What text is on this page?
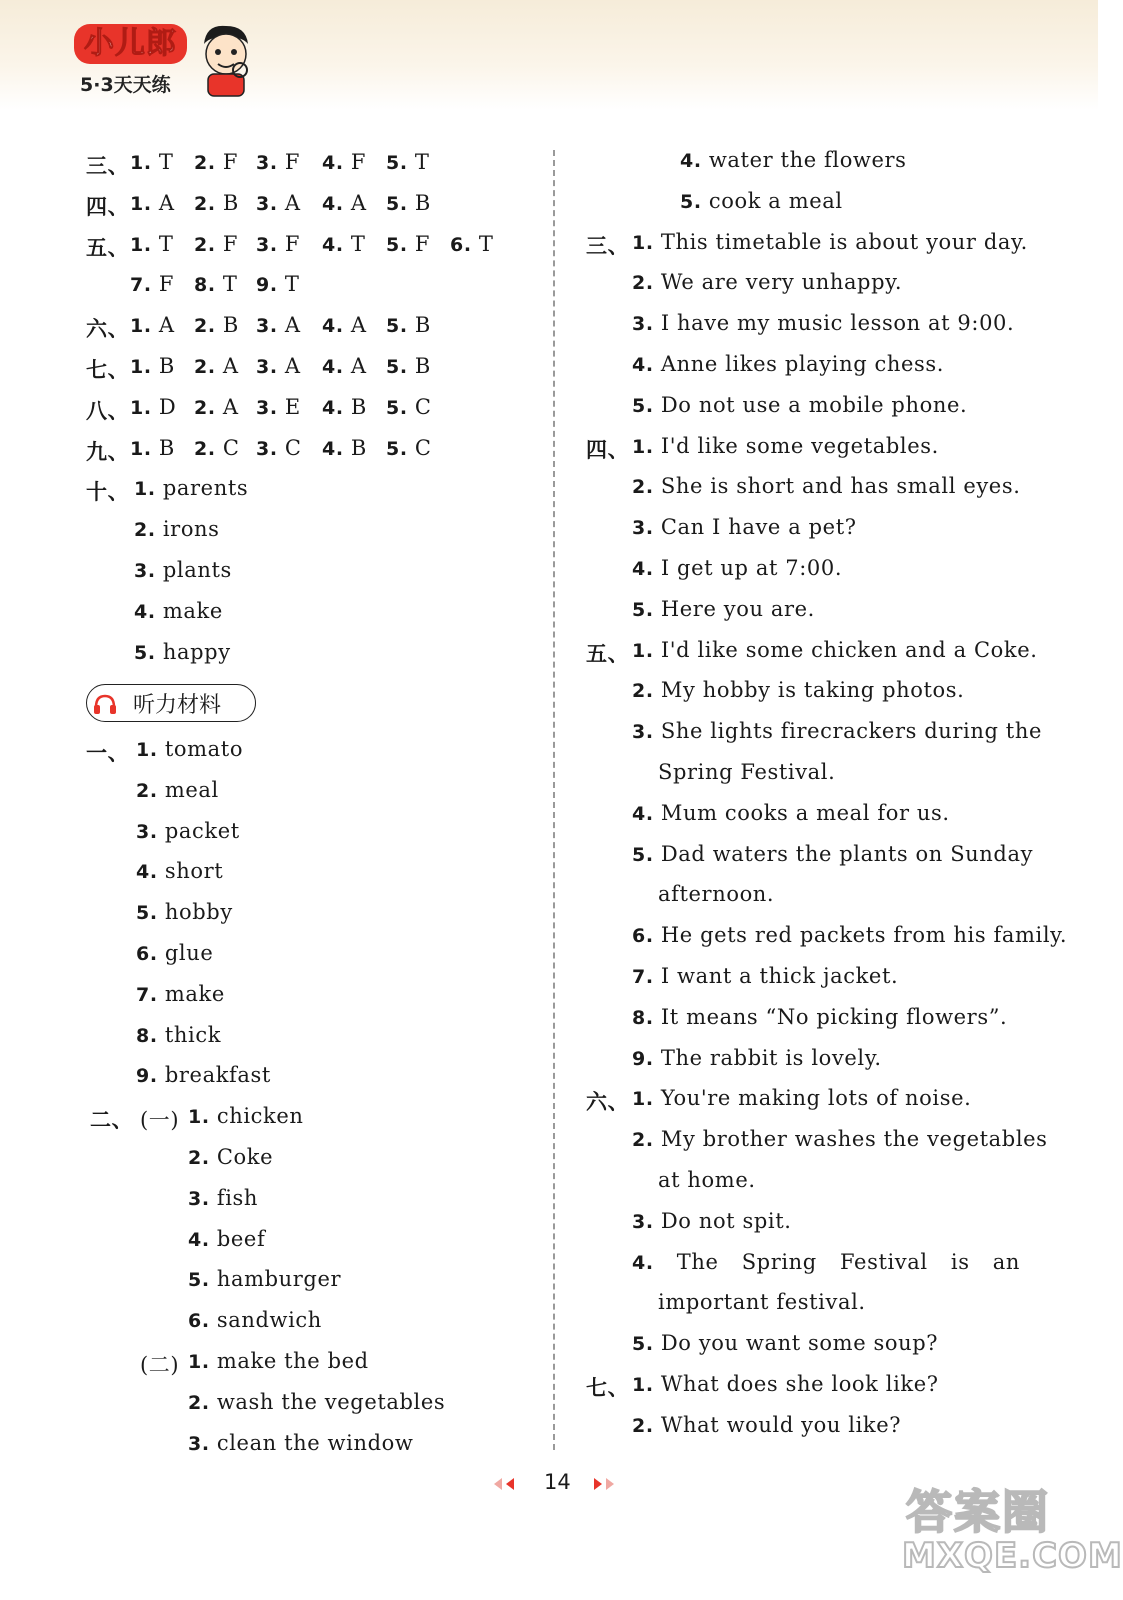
小儿郎
5·3天天练
听力材料
14
答案圈
MXQE.COM
三、 1. T 2. F 3. F 4. F 5. T
四、 1. A 2. B 3. A 4. A 5. B
五、 1. T 2. F 3. F 4. T 5. F 6. T
7. F 8. T 9. T
六、 1. A 2. B 3. A 4. A 5. B
七、 1. B 2. A 3. A 4. A 5. B
八、 1. D 2. A 3. E 4. B 5. C
九、 1. B 2. C 3. C 4. B 5. C
十、 1. parents
2. irons
3. plants
4. make
5. happy
一、 1. tomato
2. meal
3. packet
4. short
5. hobby
6. glue
7. make
8. thick
9. breakfast
二、 (一) 1. chicken
2. Coke
3. fish
4. beef
5. hamburger
6. sandwich
(二) 1. make the bed
2. wash the vegetables
3. clean the window
4. water the flowers
5. cook a meal
三、 1. This timetable is about your day.
2. We are very unhappy.
3. I have my music lesson at 9:00.
4. Anne likes playing chess.
5. Do not use a mobile phone.
四、 1. I'd like some vegetables.
2. She is short and has small eyes.
3. Can I have a pet?
4. I get up at 7:00.
5. Here you are.
五、 1. I'd like some chicken and a Coke.
2. My hobby is taking photos.
3. She lights firecrackers during the
Spring Festival.
4. Mum cooks a meal for us.
5. Dad waters the plants on Sunday
afternoon.
6. He gets red packets from his family.
7. I want a thick jacket.
8. It means “No picking flowers”.
9. The rabbit is lovely.
六、 1. You're making lots of noise.
2. My brother washes the vegetables
at home.
3. Do not spit.
4. The Spring Festival is an
important festival.
5. Do you want some soup?
七、 1. What does she look like?
2. What would you like?
